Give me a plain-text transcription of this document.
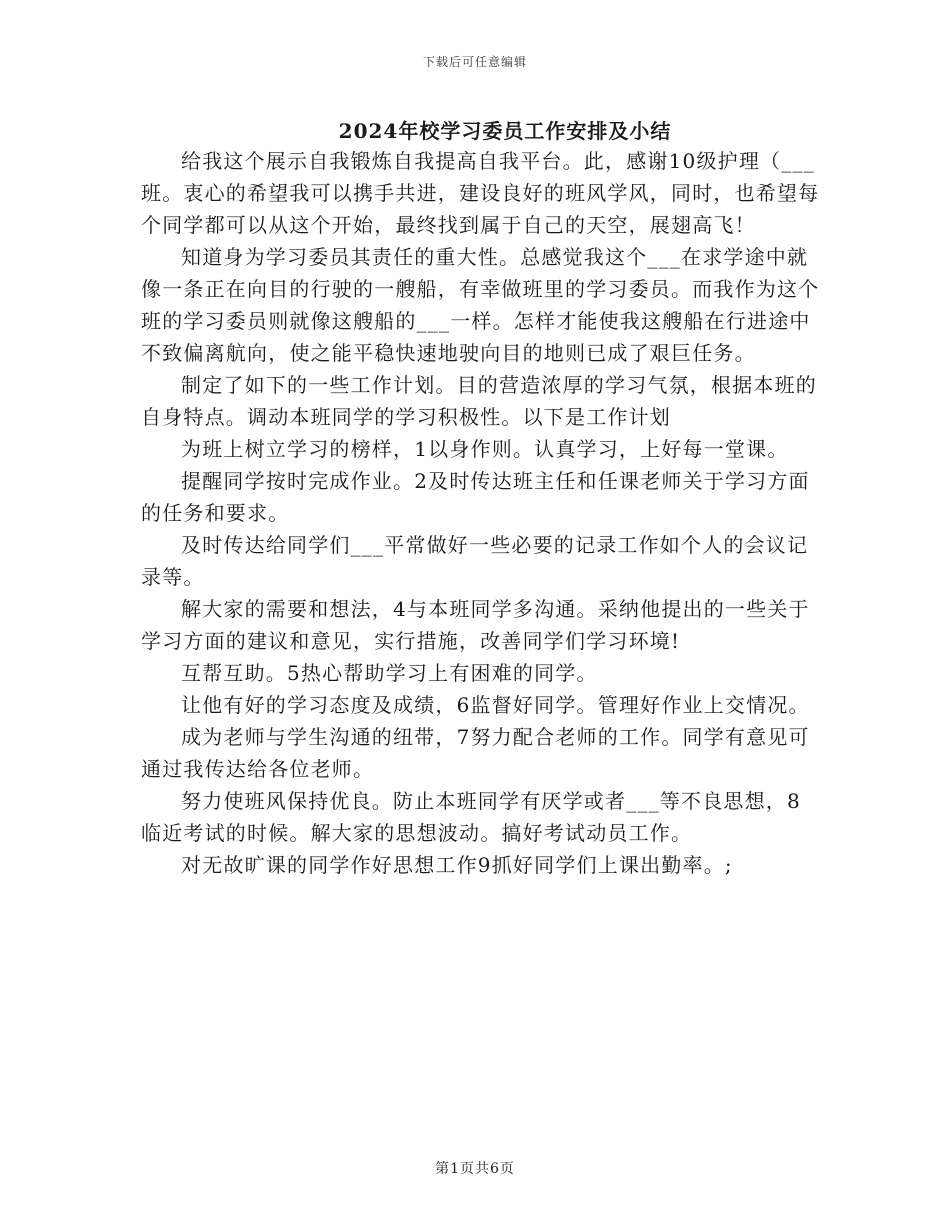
下载后可任意编辑
2024年校学习委员工作安排及小结

给我这个展示自我锻炼自我提高自我平台。此，感谢10级护理（___班。衷心的希望我可以携手共进，建设良好的班风学风，同时，也希望每个同学都可以从这个开始，最终找到属于自己的天空，展翅高飞！

知道身为学习委员其责任的重大性。总感觉我这个___在求学途中就像一条正在向目的行驶的一艘船，有幸做班里的学习委员。而我作为这个班的学习委员则就像这艘船的___一样。怎样才能使我这艘船在行进途中不致偏离航向，使之能平稳快速地驶向目的地则已成了艰巨任务。

制定了如下的一些工作计划。目的营造浓厚的学习气氛，根据本班的自身特点。调动本班同学的学习积极性。以下是工作计划

为班上树立学习的榜样，1以身作则。认真学习，上好每一堂课。

提醒同学按时完成作业。2及时传达班主任和任课老师关于学习方面的任务和要求。

及时传达给同学们___平常做好一些必要的记录工作如个人的会议记录等。

解大家的需要和想法，4与本班同学多沟通。采纳他提出的一些关于学习方面的建议和意见，实行措施，改善同学们学习环境!

互帮互助。5热心帮助学习上有困难的同学。

让他有好的学习态度及成绩，6监督好同学。管理好作业上交情况。

成为老师与学生沟通的纽带，7努力配合老师的工作。同学有意见可通过我传达给各位老师。

努力使班风保持优良。防止本班同学有厌学或者___等不良思想，8临近考试的时候。解大家的思想波动。搞好考试动员工作。

对无故旷课的同学作好思想工作9抓好同学们上课出勤率。;

第1页共6页
